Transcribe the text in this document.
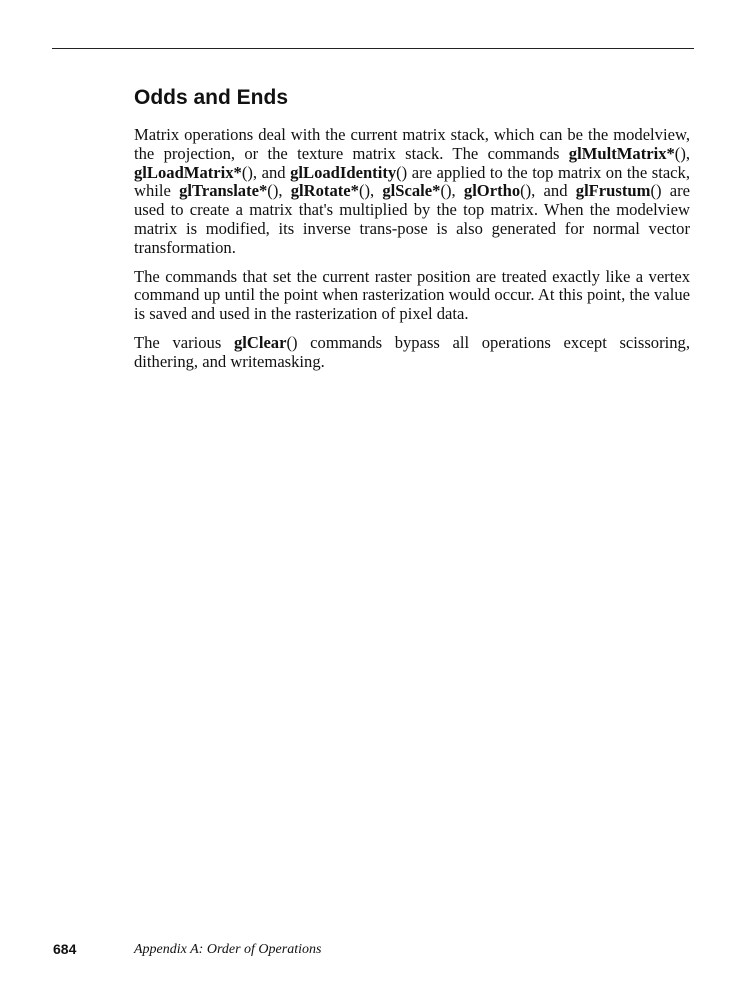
Odds and Ends

Matrix operations deal with the current matrix stack, which can be the modelview, the projection, or the texture matrix stack. The commands glMultMatrix*(), glLoadMatrix*(), and glLoadIdentity() are applied to the top matrix on the stack, while glTranslate*(), glRotate*(), glScale*(), glOrtho(), and glFrustum() are used to create a matrix that's multiplied by the top matrix. When the modelview matrix is modified, its inverse trans-pose is also generated for normal vector transformation.

The commands that set the current raster position are treated exactly like a vertex command up until the point when rasterization would occur. At this point, the value is saved and used in the rasterization of pixel data.

The various glClear() commands bypass all operations except scissoring, dithering, and writemasking.

684	Appendix A: Order of Operations
